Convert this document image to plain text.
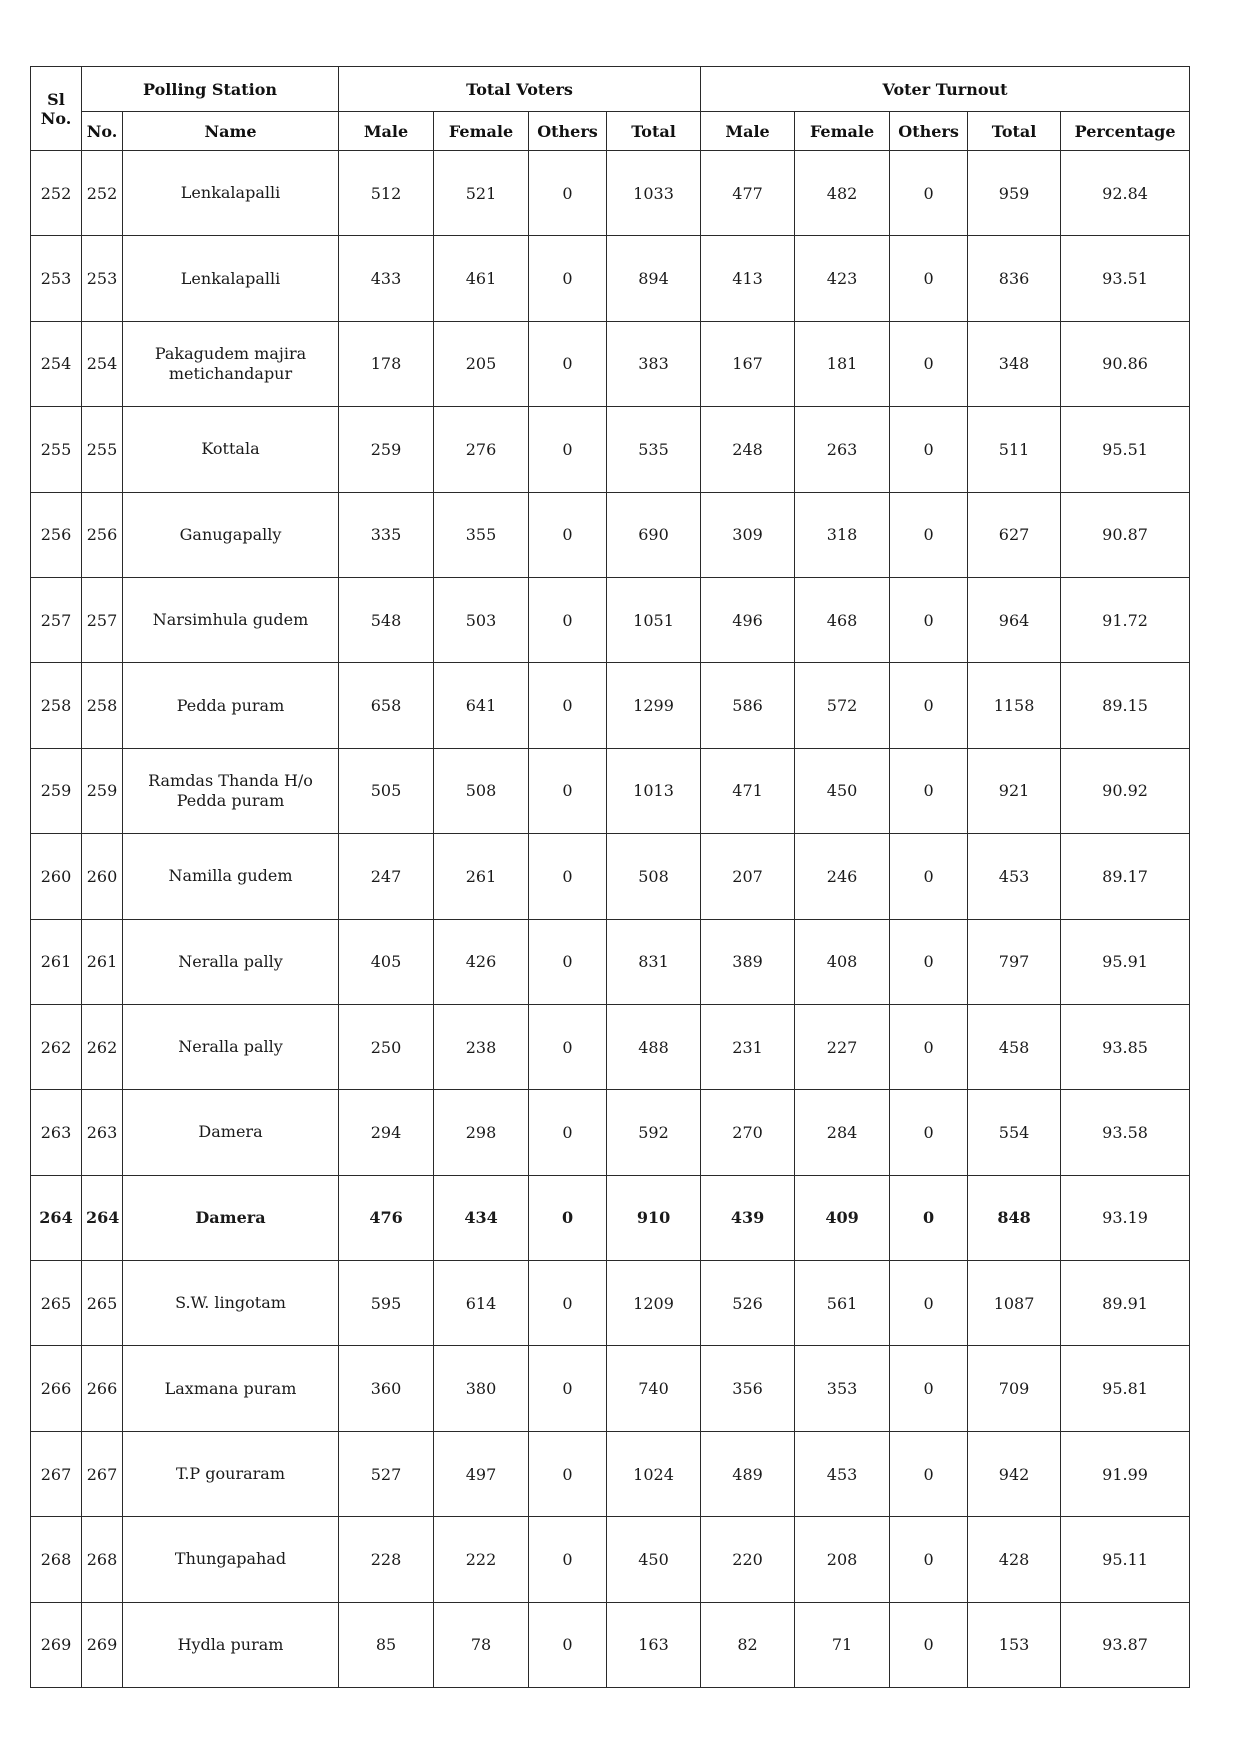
Sl No.	Polling Station		Total Voters				Voter Turnout				
	No.	Name	Male	Female	Others	Total	Male	Female	Others	Total	Percentage
252	252	Lenkalapalli	512	521	0	1033	477	482	0	959	92.84
253	253	Lenkalapalli	433	461	0	894	413	423	0	836	93.51
254	254	Pakagudem majira metichandapur	178	205	0	383	167	181	0	348	90.86
255	255	Kottala	259	276	0	535	248	263	0	511	95.51
256	256	Ganugapally	335	355	0	690	309	318	0	627	90.87
257	257	Narsimhula gudem	548	503	0	1051	496	468	0	964	91.72
258	258	Pedda puram	658	641	0	1299	586	572	0	1158	89.15
259	259	Ramdas Thanda H/o Pedda puram	505	508	0	1013	471	450	0	921	90.92
260	260	Namilla gudem	247	261	0	508	207	246	0	453	89.17
261	261	Neralla pally	405	426	0	831	389	408	0	797	95.91
262	262	Neralla pally	250	238	0	488	231	227	0	458	93.85
263	263	Damera	294	298	0	592	270	284	0	554	93.58
264	264	Damera	476	434	0	910	439	409	0	848	93.19
265	265	S.W. lingotam	595	614	0	1209	526	561	0	1087	89.91
266	266	Laxmana puram	360	380	0	740	356	353	0	709	95.81
267	267	T.P gouraram	527	497	0	1024	489	453	0	942	91.99
268	268	Thungapahad	228	222	0	450	220	208	0	428	95.11
269	269	Hydla puram	85	78	0	163	82	71	0	153	93.87
